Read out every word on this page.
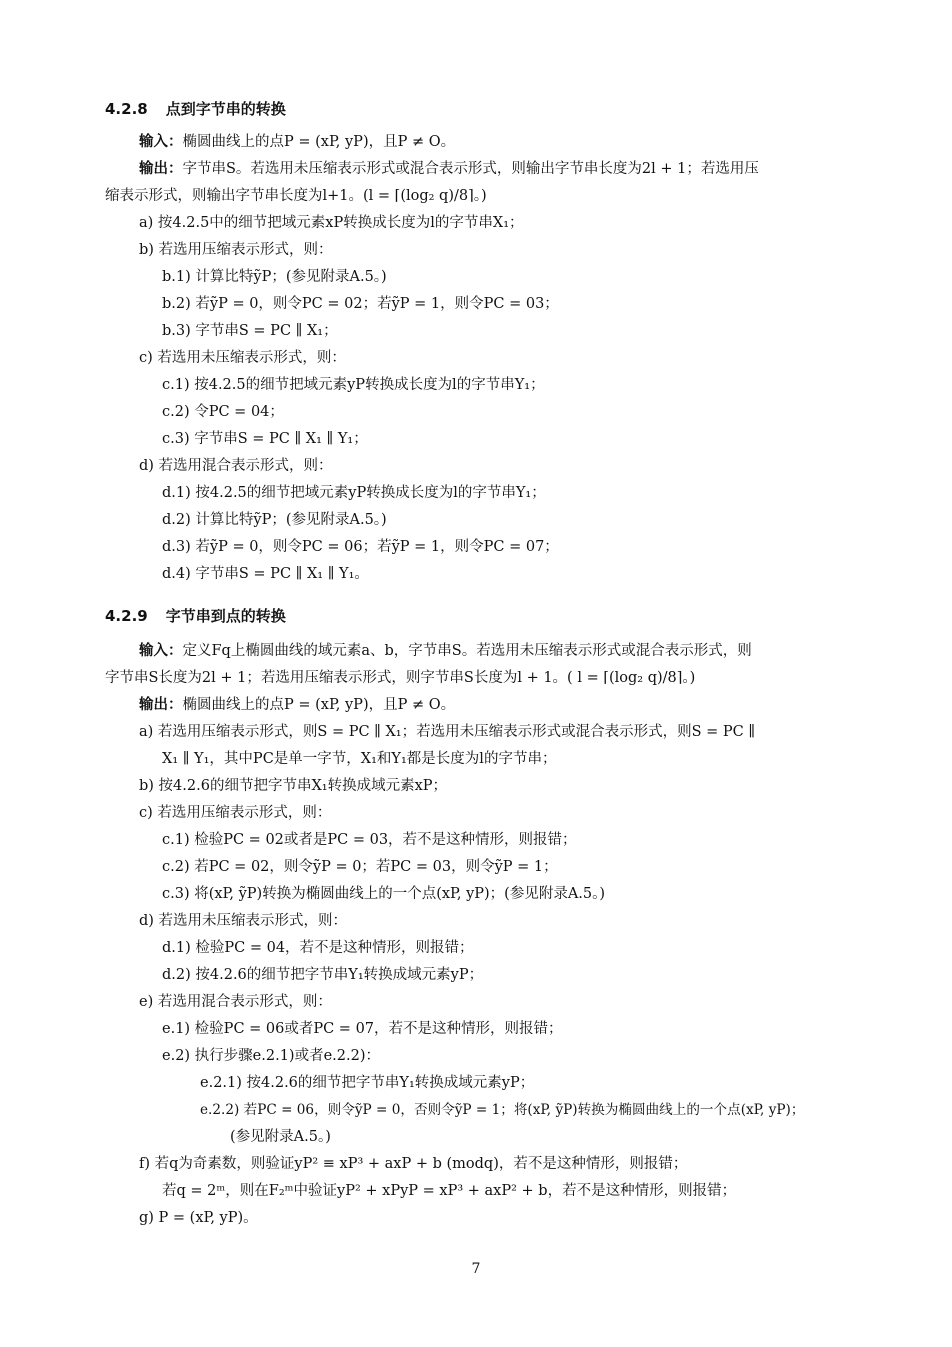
4.2.8 点到字节串的转换
输入：椭圆曲线上的点P = (xP, yP)，且P ≠ O。
输出：字节串S。若选用未压缩表示形式或混合表示形式，则输出字节串长度为2l + 1；若选用压
缩表示形式，则输出字节串长度为l+1。(l = ⌈(log₂ q)/8⌉。)
a) 按4.2.5中的细节把域元素xP转换成长度为l的字节串X₁；
b) 若选用压缩表示形式，则：
b.1) 计算比特ỹP；(参见附录A.5。)
b.2) 若ỹP = 0，则令PC = 02；若ỹP = 1，则令PC = 03；
b.3) 字节串S = PC ∥ X₁；
c) 若选用未压缩表示形式，则：
c.1) 按4.2.5的细节把域元素yP转换成长度为l的字节串Y₁；
c.2) 令PC = 04；
c.3) 字节串S = PC ∥ X₁ ∥ Y₁；
d) 若选用混合表示形式，则：
d.1) 按4.2.5的细节把域元素yP转换成长度为l的字节串Y₁；
d.2) 计算比特ỹP；(参见附录A.5。)
d.3) 若ỹP = 0，则令PC = 06；若ỹP = 1，则令PC = 07；
d.4) 字节串S = PC ∥ X₁ ∥ Y₁。
4.2.9 字节串到点的转换
输入：定义Fq上椭圆曲线的域元素a、b，字节串S。若选用未压缩表示形式或混合表示形式，则
字节串S长度为2l + 1；若选用压缩表示形式，则字节串S长度为l + 1。( l = ⌈(log₂ q)/8⌉。)
输出：椭圆曲线上的点P = (xP, yP)，且P ≠ O。
a) 若选用压缩表示形式，则S = PC ∥ X₁；若选用未压缩表示形式或混合表示形式，则S = PC ∥
X₁ ∥ Y₁，其中PC是单一字节，X₁和Y₁都是长度为l的字节串；
b) 按4.2.6的细节把字节串X₁转换成域元素xP；
c) 若选用压缩表示形式，则：
c.1) 检验PC = 02或者是PC = 03，若不是这种情形，则报错；
c.2) 若PC = 02，则令ỹP = 0；若PC = 03，则令ỹP = 1；
c.3) 将(xP, ỹP)转换为椭圆曲线上的一个点(xP, yP)；(参见附录A.5。)
d) 若选用未压缩表示形式，则：
d.1) 检验PC = 04，若不是这种情形，则报错；
d.2) 按4.2.6的细节把字节串Y₁转换成域元素yP；
e) 若选用混合表示形式，则：
e.1) 检验PC = 06或者PC = 07，若不是这种情形，则报错；
e.2) 执行步骤e.2.1)或者e.2.2)：
e.2.1) 按4.2.6的细节把字节串Y₁转换成域元素yP；
e.2.2) 若PC = 06，则令ỹP = 0，否则令ỹP = 1；将(xP, ỹP)转换为椭圆曲线上的一个点(xP, yP)；
(参见附录A.5。)
f) 若q为奇素数，则验证yP² ≡ xP³ + axP + b (modq)，若不是这种情形，则报错；
若q = 2ᵐ，则在F₂ᵐ中验证yP² + xPyP = xP³ + axP² + b，若不是这种情形，则报错；
g) P = (xP, yP)。
7
